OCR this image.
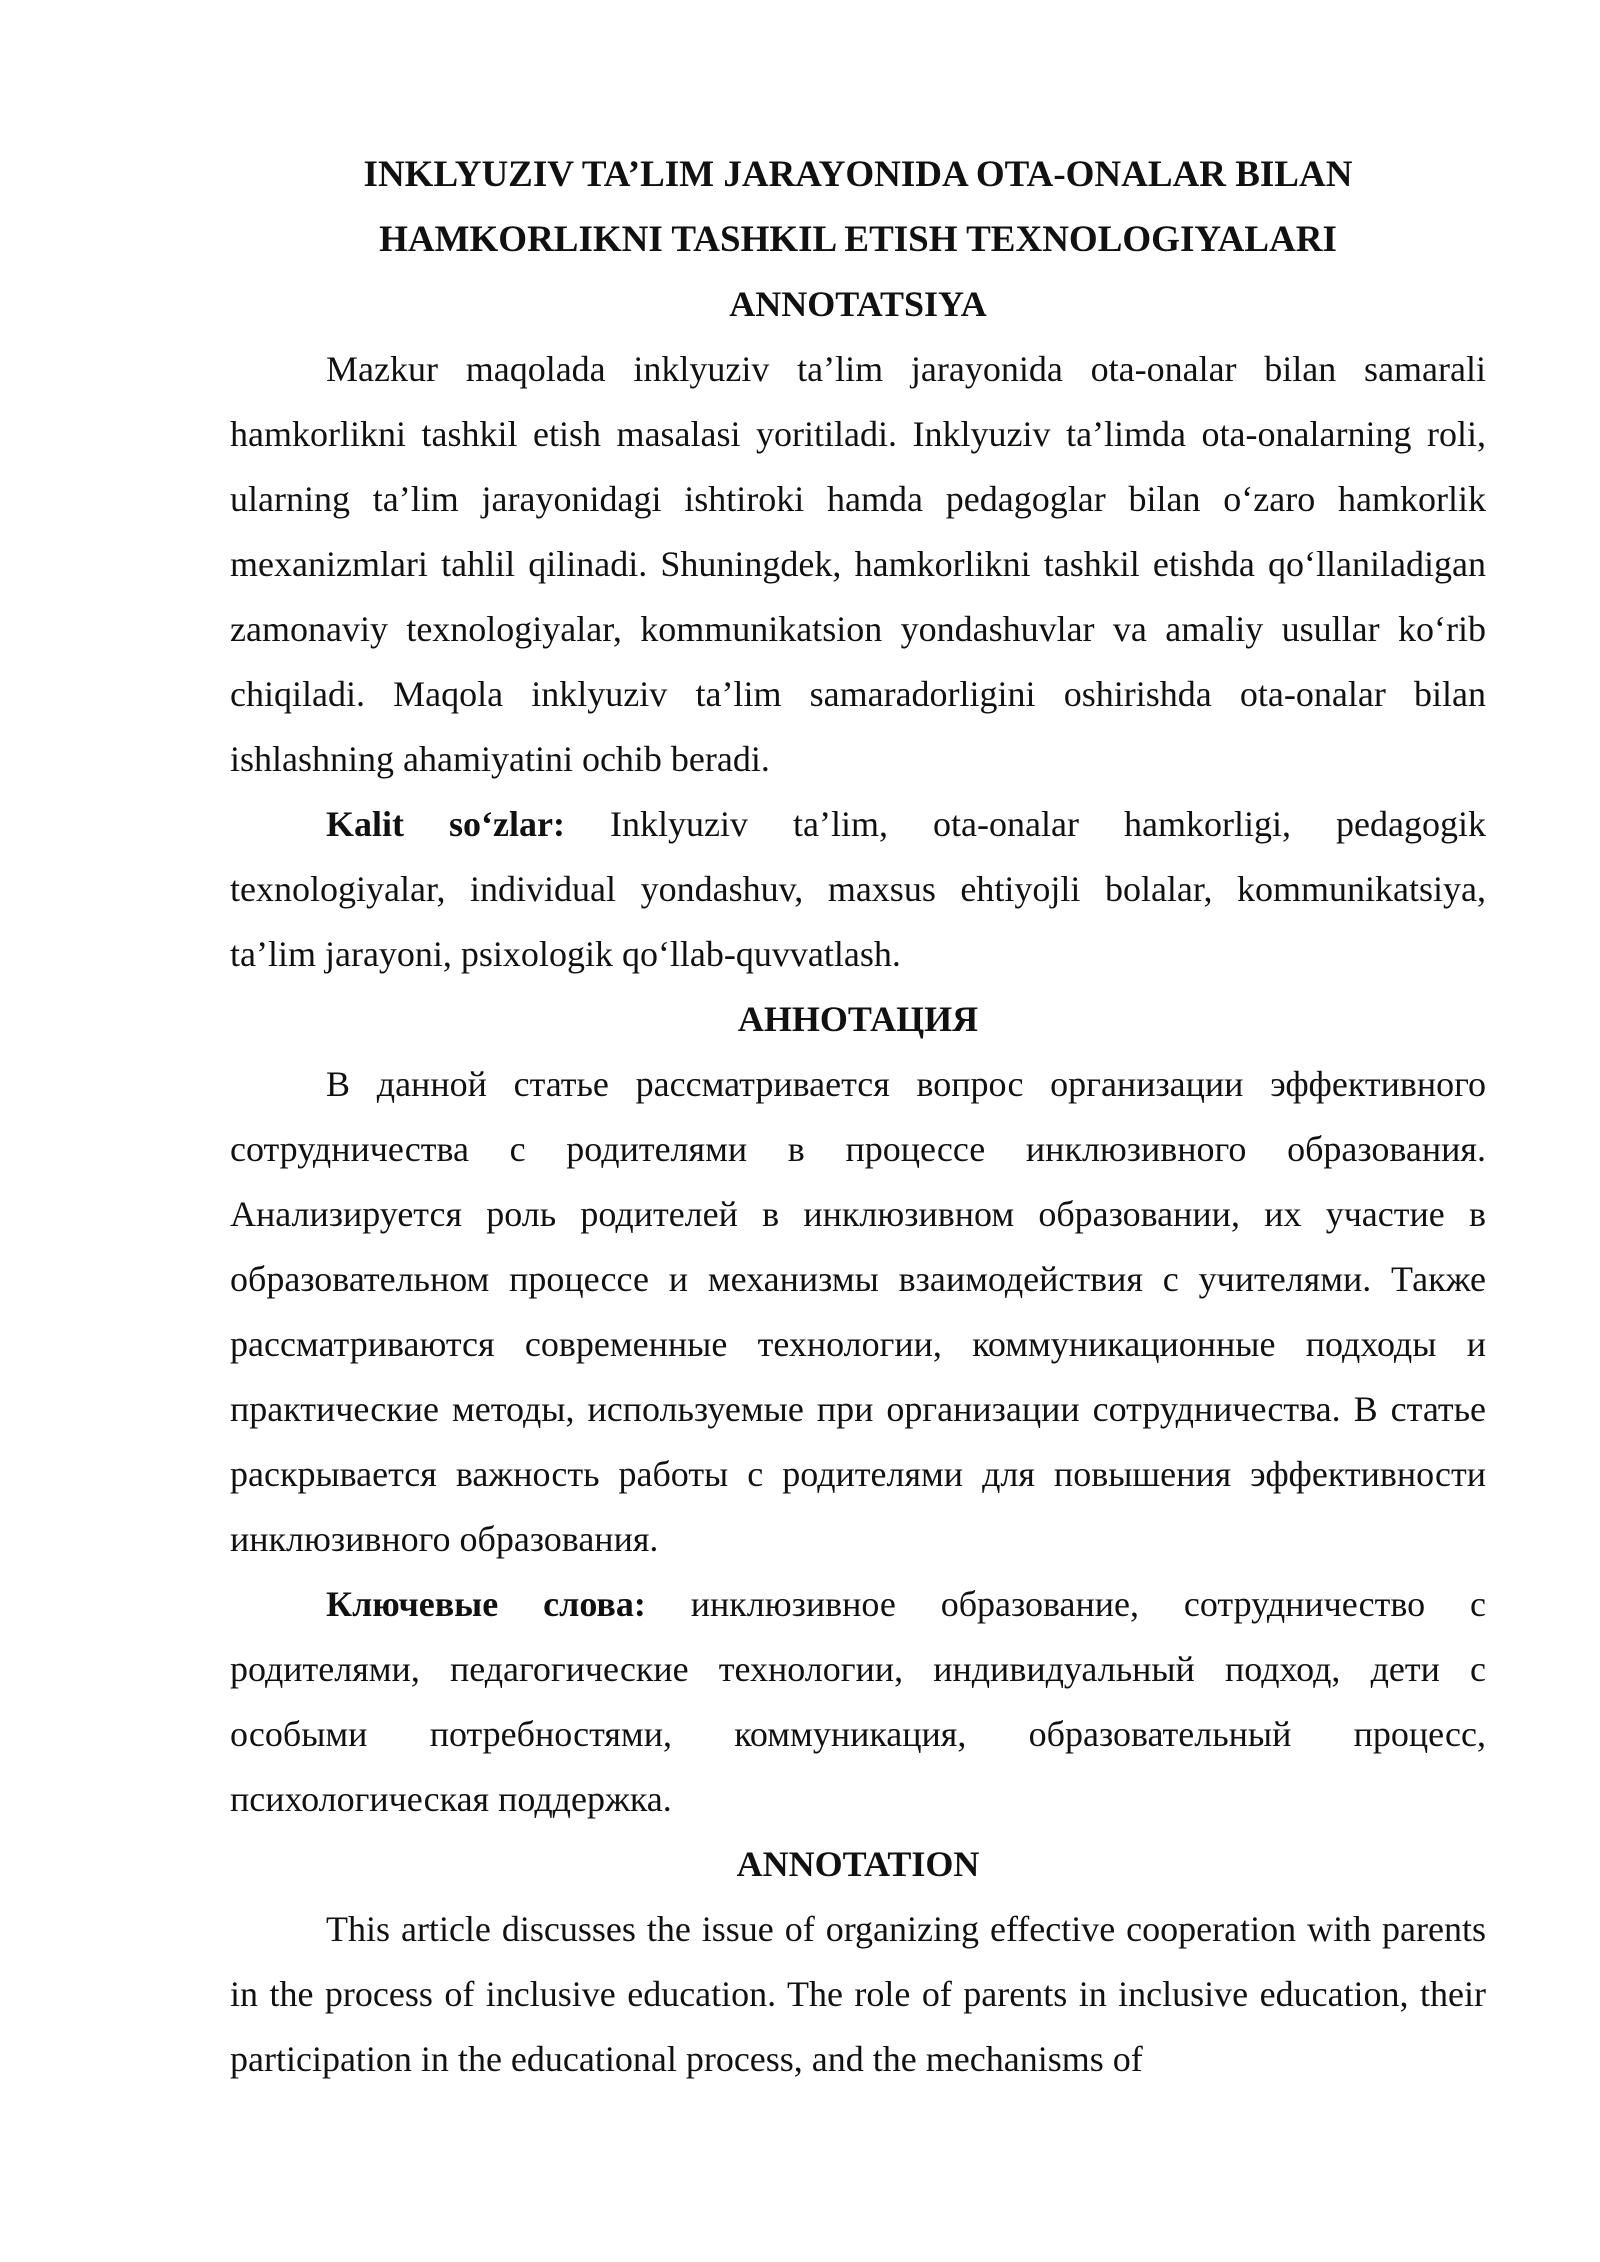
INKLYUZIV TA’LIM JARAYONIDA OTA-ONALAR BILAN

HAMKORLIKNI TASHKIL ETISH TEXNOLOGIYALARI

ANNOTATSIYA

Mazkur maqolada inklyuziv ta’lim jarayonida ota-onalar bilan samarali hamkorlikni tashkil etish masalasi yoritiladi. Inklyuziv ta’limda ota-onalarning roli, ularning ta’lim jarayonidagi ishtiroki hamda pedagoglar bilan o‘zaro hamkorlik mexanizmlari tahlil qilinadi. Shuningdek, hamkorlikni tashkil etishda qo‘llaniladigan zamonaviy texnologiyalar, kommunikatsion yondashuvlar va amaliy usullar ko‘rib chiqiladi. Maqola inklyuziv ta’lim samaradorligini oshirishda ota-onalar bilan ishlashning ahamiyatini ochib beradi.

Kalit so‘zlar: Inklyuziv ta’lim, ota-onalar hamkorligi, pedagogik texnologiyalar, individual yondashuv, maxsus ehtiyojli bolalar, kommunikatsiya, ta’lim jarayoni, psixologik qo‘llab-quvvatlash.

АННОТАЦИЯ

В данной статье рассматривается вопрос организации эффективного сотрудничества с родителями в процессе инклюзивного образования. Анализируется роль родителей в инклюзивном образовании, их участие в образовательном процессе и механизмы взаимодействия с учителями. Также рассматриваются современные технологии, коммуникационные подходы и практические методы, используемые при организации сотрудничества. В статье раскрывается важность работы с родителями для повышения эффективности инклюзивного образования.

Ключевые слова: инклюзивное образование, сотрудничество с родителями, педагогические технологии, индивидуальный подход, дети с особыми потребностями, коммуникация, образовательный процесс, психологическая поддержка.

ANNOTATION

This article discusses the issue of organizing effective cooperation with parents in the process of inclusive education. The role of parents in inclusive education, their participation in the educational process, and the mechanisms of
